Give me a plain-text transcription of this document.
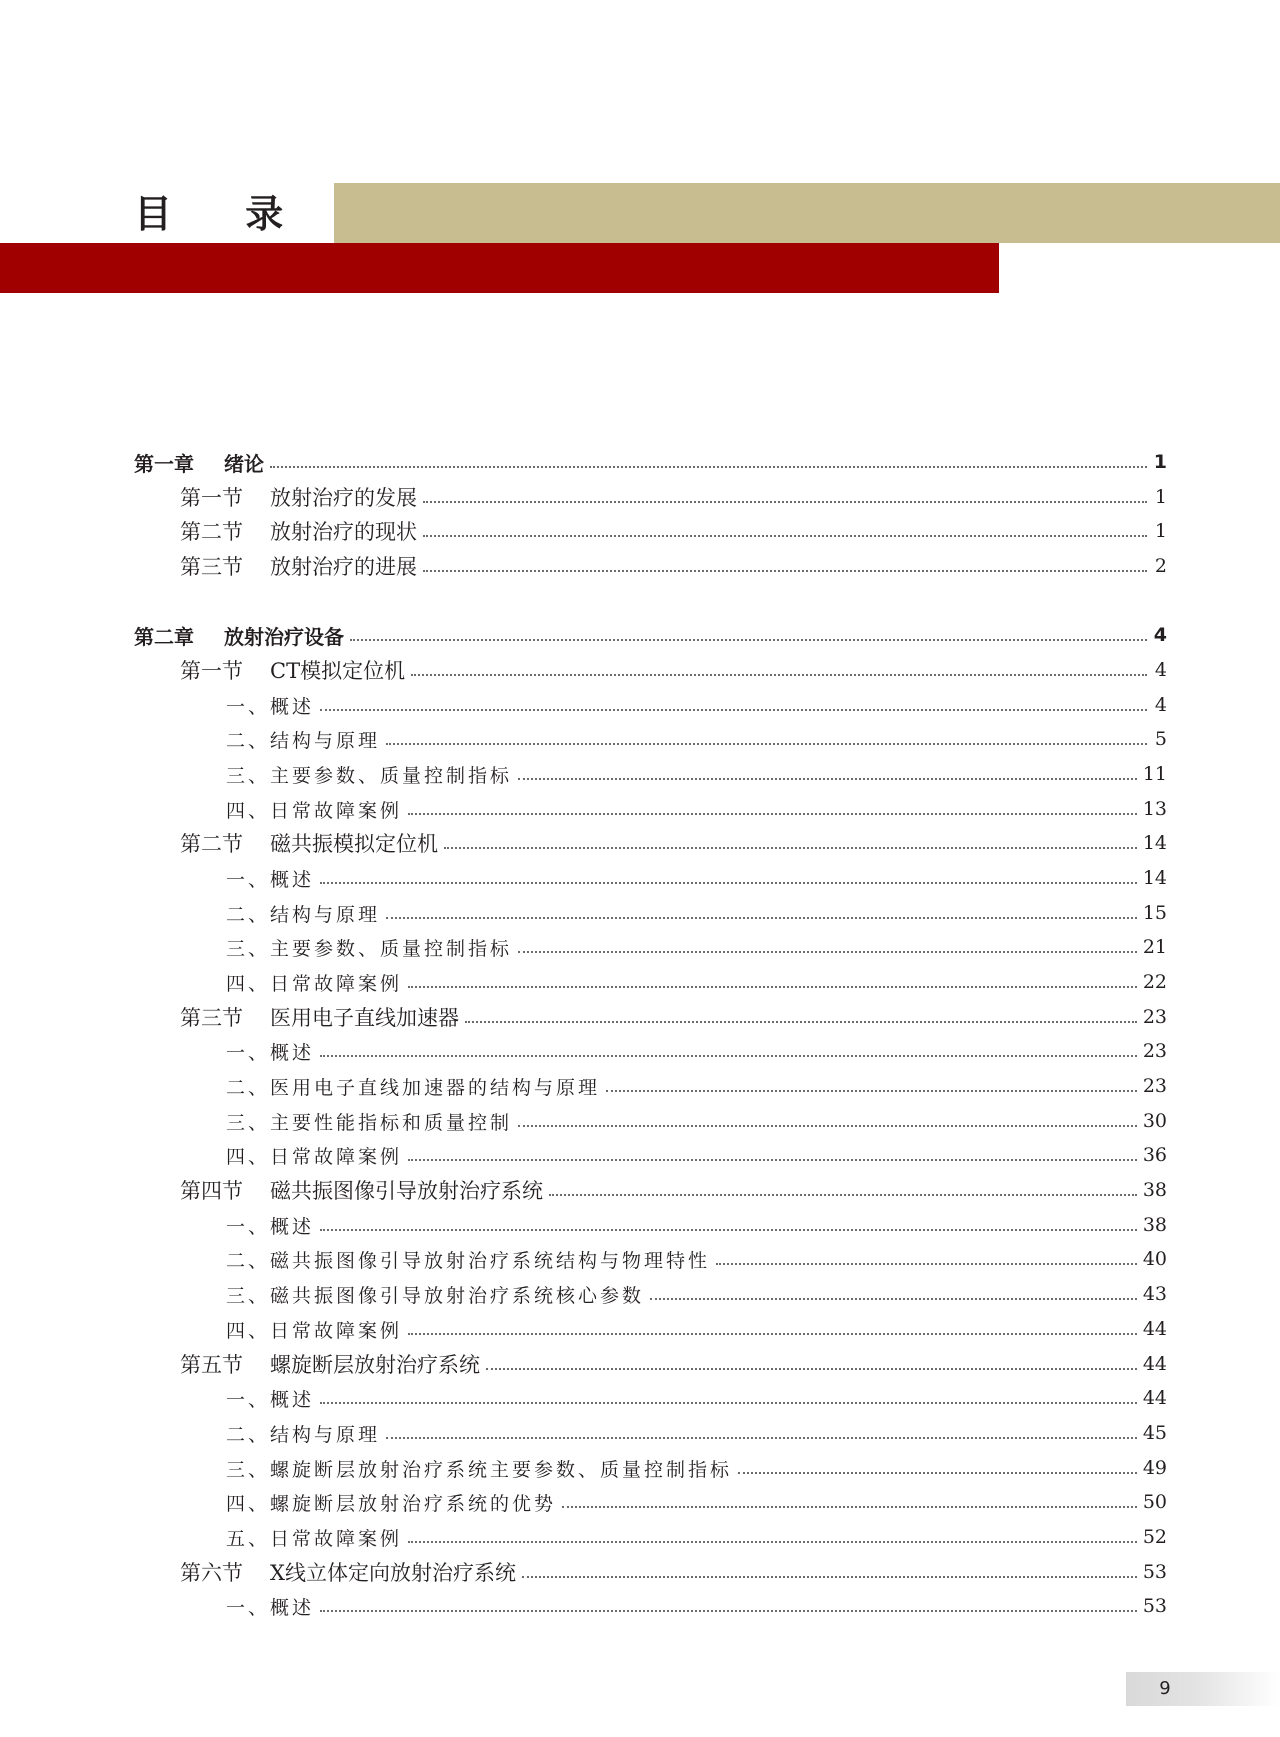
目 录
第一章	绪论	1
第一节	放射治疗的发展	1
第二节	放射治疗的现状	1
第三节	放射治疗的进展	2
第二章	放射治疗设备	4
第一节	CT模拟定位机	4
一、概述	4
二、结构与原理	5
三、主要参数、质量控制指标	11
四、日常故障案例	13
第二节	磁共振模拟定位机	14
一、概述	14
二、结构与原理	15
三、主要参数、质量控制指标	21
四、日常故障案例	22
第三节	医用电子直线加速器	23
一、概述	23
二、医用电子直线加速器的结构与原理	23
三、主要性能指标和质量控制	30
四、日常故障案例	36
第四节	磁共振图像引导放射治疗系统	38
一、概述	38
二、磁共振图像引导放射治疗系统结构与物理特性	40
三、磁共振图像引导放射治疗系统核心参数	43
四、日常故障案例	44
第五节	螺旋断层放射治疗系统	44
一、概述	44
二、结构与原理	45
三、螺旋断层放射治疗系统主要参数、质量控制指标	49
四、螺旋断层放射治疗系统的优势	50
五、日常故障案例	52
第六节	X线立体定向放射治疗系统	53
一、概述	53
9
